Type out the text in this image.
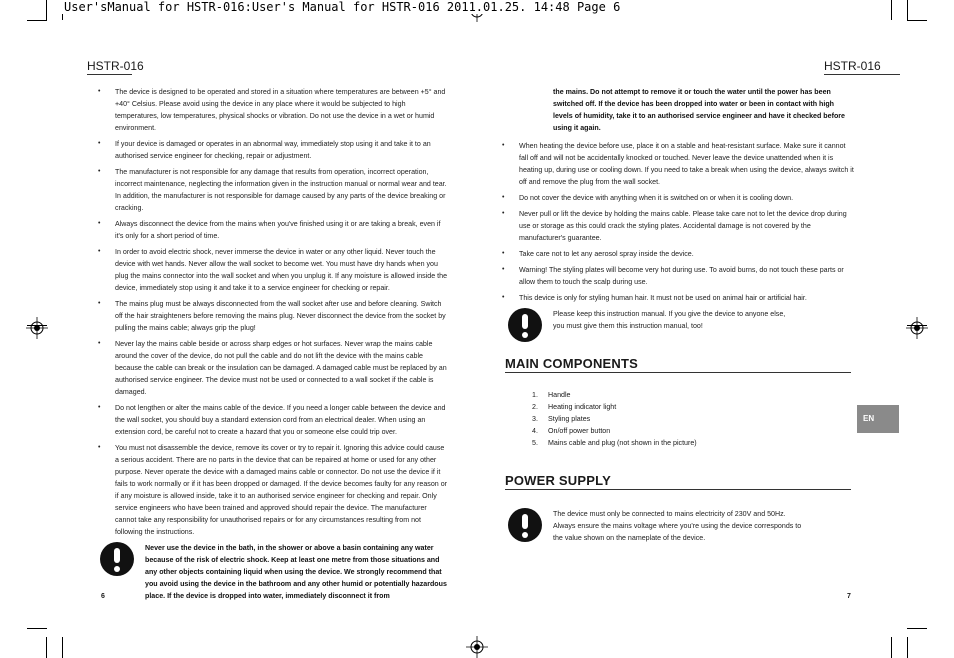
User'sManual for HSTR-016:User's Manual for HSTR-016 2011.01.25. 14:48 Page 6
HSTR-016	HSTR-016
• The device is designed to be operated and stored in a situation where temperatures are between +5° and +40° Celsius. Please avoid using the device in any place where it would be subjected to high temperatures, low temperatures, physical shocks or vibration. Do not use the device in a wet or humid environment.
• If your device is damaged or operates in an abnormal way, immediately stop using it and take it to an authorised service engineer for checking, repair or adjustment.
• The manufacturer is not responsible for any damage that results from operation, incorrect operation, incorrect maintenance, neglecting the information given in the instruction manual or normal wear and tear. In addition, the manufacturer is not responsible for damage caused by any parts of the device breaking or cracking.
• Always disconnect the device from the mains when you've finished using it or are taking a break, even if it's only for a short period of time.
• In order to avoid electric shock, never immerse the device in water or any other liquid. Never touch the device with wet hands. Never allow the wall socket to become wet. You must have dry hands when you plug the mains connector into the wall socket and when you unplug it. If any moisture is allowed inside the device, immediately stop using it and take it to a service engineer for checking or repair.
• The mains plug must be always disconnected from the wall socket after use and before cleaning. Switch off the hair straighteners before removing the mains plug. Never disconnect the device from the socket by pulling the mains cable; always grip the plug!
• Never lay the mains cable beside or across sharp edges or hot surfaces. Never wrap the mains cable around the cover of the device, do not pull the cable and do not lift the device with the mains cable because the cable can break or the insulation can be damaged. A damaged cable must be replaced by an authorised service engineer. The device must not be used or connected to a wall socket if the cable is damaged.
• Do not lengthen or alter the mains cable of the device. If you need a longer cable between the device and the wall socket, you should buy a standard extension cord from an electrical dealer. When using an extension cord, be careful not to create a hazard that you or someone else could trip over.
• You must not disassemble the device, remove its cover or try to repair it. Ignoring this advice could cause a serious accident. There are no parts in the device that can be repaired at home or used for any other purpose. Never operate the device with a damaged mains cable or connector. Do not use the device if it fails to work normally or if it has been dropped or damaged. If the device becomes faulty for any reason or if any moisture is allowed inside, take it to an authorised service engineer for checking and repair. Only service engineers who have been trained and approved should repair the device. The manufacturer cannot take any responsibility for unauthorised repairs or for any circumstances resulting from not following the instructions.
Never use the device in the bath, in the shower or above a basin containing any water because of the risk of electric shock. Keep at least one metre from those situations and any other objects containing liquid when using the device. We strongly recommend that you avoid using the device in the bathroom and any other humid or potentially hazardous place. If the device is dropped into water, immediately disconnect it from
6
the mains. Do not attempt to remove it or touch the water until the power has been switched off. If the device has been dropped into water or been in contact with high levels of humidity, take it to an authorised service engineer and have it checked before using it again.
• When heating the device before use, place it on a stable and heat-resistant surface. Make sure it cannot fall off and will not be accidentally knocked or touched. Never leave the device unattended when it is heating up, during use or cooling down. If you need to take a break when using the device, always switch it off and remove the plug from the wall socket.
• Do not cover the device with anything when it is switched on or when it is cooling down.
• Never pull or lift the device by holding the mains cable. Please take care not to let the device drop during use or storage as this could crack the styling plates. Accidental damage is not covered by the manufacturer's guarantee.
• Take care not to let any aerosol spray inside the device.
• Warning! The styling plates will become very hot during use. To avoid burns, do not touch these parts or allow them to touch the scalp during use.
• This device is only for styling human hair. It must not be used on animal hair or artificial hair.
Please keep this instruction manual. If you give the device to anyone else, you must give them this instruction manual, too!
MAIN COMPONENTS
1. Handle
2. Heating indicator light
3. Styling plates
4. On/off power button
5. Mains cable and plug (not shown in the picture)
POWER SUPPLY
The device must only be connected to mains electricity of 230V and 50Hz. Always ensure the mains voltage where you're using the device corresponds to the value shown on the nameplate of the device.
EN
7
